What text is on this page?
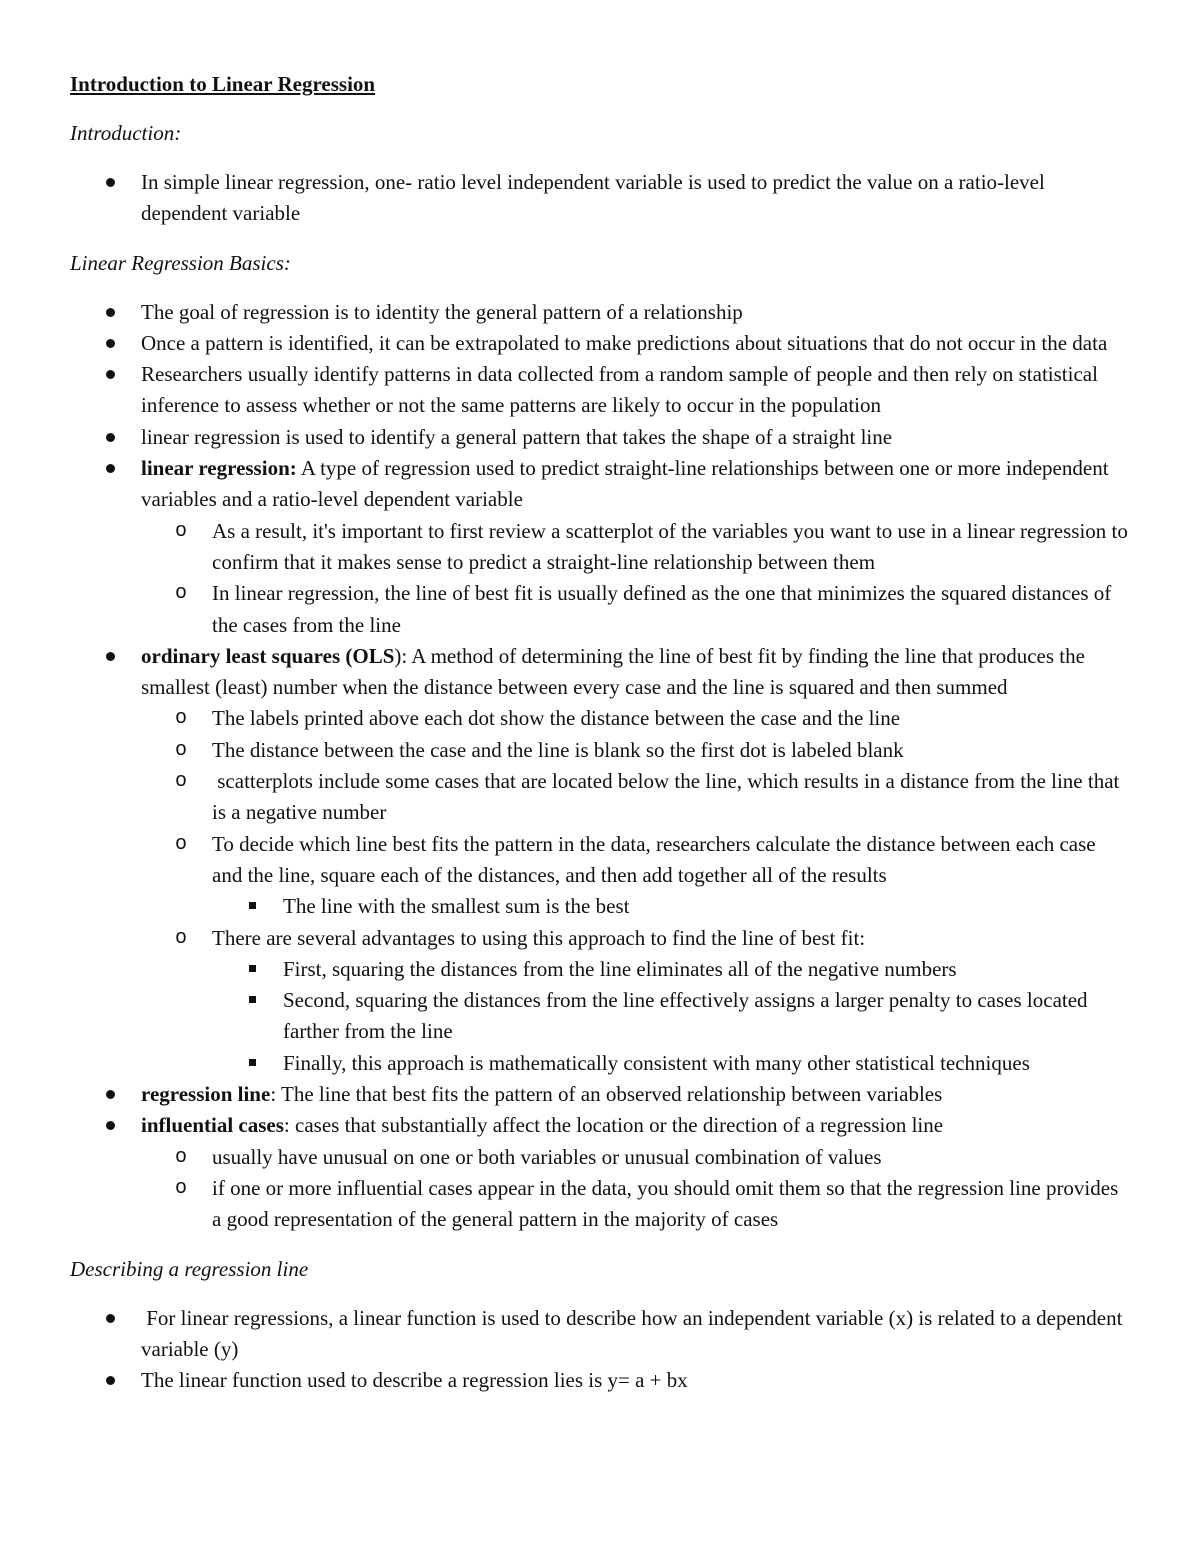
Introduction to Linear Regression
Introduction:
In simple linear regression, one- ratio level independent variable is used to predict the value on a ratio-level dependent variable
Linear Regression Basics:
The goal of regression is to identity the general pattern of a relationship
Once a pattern is identified, it can be extrapolated to make predictions about situations that do not occur in the data
Researchers usually identify patterns in data collected from a random sample of people and then rely on statistical inference to assess whether or not the same patterns are likely to occur in the population
linear regression is used to identify a general pattern that takes the shape of a straight line
linear regression: A type of regression used to predict straight-line relationships between one or more independent variables and a ratio-level dependent variable
o As a result, it's important to first review a scatterplot of the variables you want to use in a linear regression to confirm that it makes sense to predict a straight-line relationship between them
o In linear regression, the line of best fit is usually defined as the one that minimizes the squared distances of the cases from the line
ordinary least squares (OLS): A method of determining the line of best fit by finding the line that produces the smallest (least) number when the distance between every case and the line is squared and then summed
o The labels printed above each dot show the distance between the case and the line
o The distance between the case and the line is blank so the first dot is labeled blank
o  scatterplots include some cases that are located below the line, which results in a distance from the line that is a negative number
o To decide which line best fits the pattern in the data, researchers calculate the distance between each case and the line, square each of the distances, and then add together all of the results
The line with the smallest sum is the best
o There are several advantages to using this approach to find the line of best fit:
First, squaring the distances from the line eliminates all of the negative numbers
Second, squaring the distances from the line effectively assigns a larger penalty to cases located farther from the line
Finally, this approach is mathematically consistent with many other statistical techniques
regression line: The line that best fits the pattern of an observed relationship between variables
influential cases: cases that substantially affect the location or the direction of a regression line
o usually have unusual on one or both variables or unusual combination of values
o if one or more influential cases appear in the data, you should omit them so that the regression line provides a good representation of the general pattern in the majority of cases
Describing a regression line
For linear regressions, a linear function is used to describe how an independent variable (x) is related to a dependent variable (y)
The linear function used to describe a regression lies is y= a + bx
